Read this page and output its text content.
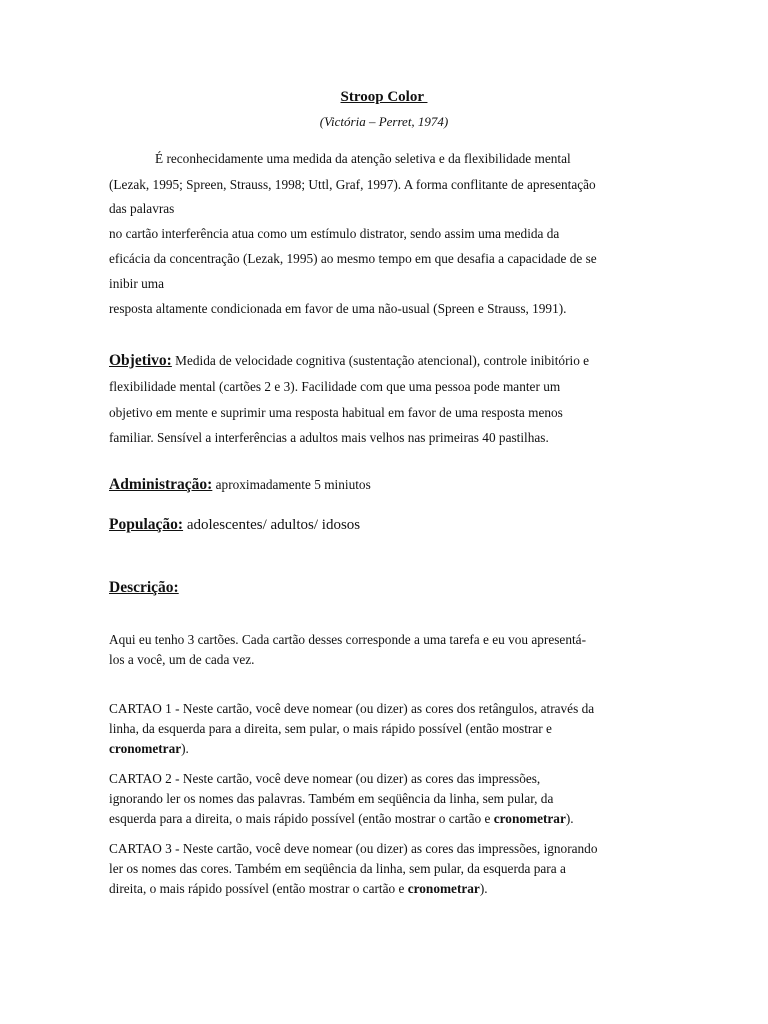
Stroop Color
(Victória – Perret, 1974)
É reconhecidamente uma medida da atenção seletiva e da flexibilidade mental
(Lezak, 1995; Spreen, Strauss, 1998; Uttl, Graf, 1997). A forma conflitante de apresentação
das palavras
no cartão interferência atua como um estímulo distrator, sendo assim uma medida da
eficácia da concentração (Lezak, 1995) ao mesmo tempo em que desafia a capacidade de se
inibir uma
resposta altamente condicionada em favor de uma não-usual (Spreen e Strauss, 1991).
Objetivo: Medida de velocidade cognitiva (sustentação atencional), controle inibitório e
flexibilidade mental (cartões 2 e 3). Facilidade com que uma pessoa pode manter um
objetivo em mente e suprimir uma resposta habitual em favor de uma resposta menos
familiar. Sensível a interferências a adultos mais velhos nas primeiras 40 pastilhas.
Administração: aproximadamente 5 miniutos
População: adolescentes/ adultos/ idosos
Descrição:
Aqui eu tenho 3 cartões. Cada cartão desses corresponde a uma tarefa e eu vou apresentá-
los a você, um de cada vez.
CARTAO 1 - Neste cartão, você deve nomear (ou dizer) as cores dos retângulos, através da
linha, da esquerda para a direita, sem pular, o mais rápido possível (então mostrar e
cronometrar).
CARTAO 2 - Neste cartão, você deve nomear (ou dizer) as cores das impressões,
ignorando ler os nomes das palavras. Também em seqüência da linha, sem pular, da
esquerda para a direita, o mais rápido possível (então mostrar o cartão e cronometrar).
CARTAO 3 - Neste cartão, você deve nomear (ou dizer) as cores das impressões, ignorando
ler os nomes das cores. Também em seqüência da linha, sem pular, da esquerda para a
direita, o mais rápido possível (então mostrar o cartão e cronometrar).
